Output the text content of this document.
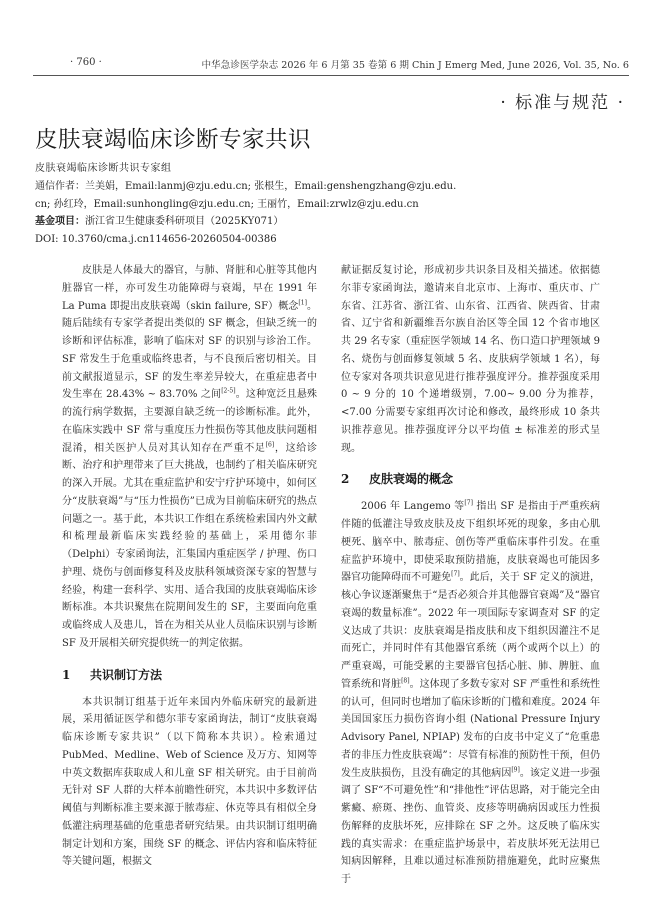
· 760 ·	中华急诊医学杂志 2026 年 6 月第 35 卷第 6 期 Chin J Emerg Med, June 2026, Vol. 35, No. 6
· 标准与规范 ·
皮肤衰竭临床诊断专家共识
皮肤衰竭临床诊断共识专家组
通信作者：兰美娟，Email:lanmj@zju.edu.cn; 张根生，Email:genshengzhang@zju.edu.
cn; 孙红玲，Email:sunhongling@zju.edu.cn; 王丽竹，Email:zrwlz@zju.edu.cn
基金项目：浙江省卫生健康委科研项目（2025KY071）
DOI: 10.3760/cma.j.cn114656-20260504-00386

皮肤是人体最大的器官，与肺、肾脏和心脏等其他内脏器官一样，亦可发生功能障碍与衰竭，早在 1991 年 La Puma 即提出皮肤衰竭（skin failure, SF）概念[1]。随后陆续有专家学者提出类似的 SF 概念，但缺乏统一的诊断和评估标准，影响了临床对 SF 的识别与诊治工作。SF 常发生于危重或临终患者，与不良预后密切相关。目前文献报道显示，SF 的发生率差异较大，在重症患者中发生率在 28.43% ~ 83.70% 之间[2-5]。这种宽泛且悬殊的流行病学数据，主要源自缺乏统一的诊断标准。此外，在临床实践中 SF 常与重度压力性损伤等其他皮肤问题相混淆，相关医护人员对其认知存在严重不足[6]，这给诊断、治疗和护理带来了巨大挑战，也制约了相关临床研究的深入开展。尤其在重症监护和安宁疗护环境中，如何区分“皮肤衰竭”与“压力性损伤”已成为目前临床研究的热点问题之一。基于此，本共识工作组在系统检索国内外文献和梳理最新临床实践经验的基础上，采用德尔菲（Delphi）专家函询法，汇集国内重症医学 / 护理、伤口护理、烧伤与创面修复科及皮肤科领域资深专家的智慧与经验，构建一套科学、实用、适合我国的皮肤衰竭临床诊断标准。本共识聚焦在院期间发生的 SF，主要面向危重或临终成人及患儿，旨在为相关从业人员临床识别与诊断 SF 及开展相关研究提供统一的判定依据。

1 共识制订方法

本共识制订组基于近年来国内外临床研究的最新进展，采用循证医学和德尔菲专家函询法，制订“皮肤衰竭临床诊断专家共识”（以下简称本共识）。检索通过 PubMed、Medline、Web of Science 及万方、知网等中英文数据库获取成人和儿童 SF 相关研究。由于目前尚无针对 SF 人群的大样本前瞻性研究，本共识中多数评估阈值与判断标准主要来源于脓毒症、休克等具有相似全身低灌注病理基础的危重患者研究结果。由共识制订组明确制定计划和方案，围绕 SF 的概念、评估内容和临床特征等关键问题，根据文

献证据反复讨论，形成初步共识条目及相关描述。依据德尔菲专家函询法，邀请来自北京市、上海市、重庆市、广东省、江苏省、浙江省、山东省、江西省、陕西省、甘肃省、辽宁省和新疆维吾尔族自治区等全国 12 个省市地区共 29 名专家（重症医学领域 14 名、伤口造口护理领域 9 名、烧伤与创面修复领域 5 名、皮肤病学领域 1 名），每位专家对各项共识意见进行推荐强度评分。推荐强度采用 0 ~ 9 分的 10 个递增级别，7.00~ 9.00 分为推荐，<7.00 分需要专家组再次讨论和修改，最终形成 10 条共识推荐意见。推荐强度评分以平均值 ± 标准差的形式呈现。

2 皮肤衰竭的概念

2006 年 Langemo 等[7] 指出 SF 是指由于严重疾病伴随的低灌注导致皮肤及皮下组织坏死的现象，多由心肌梗死、脑卒中、脓毒症、创伤等严重临床事件引发。在重症监护环境中，即使采取预防措施，皮肤衰竭也可能因多器官功能障碍而不可避免[7]。此后，关于 SF 定义的演进，核心争议逐渐聚焦于“是否必须合并其他器官衰竭”及“器官衰竭的数量标准”。2022 年一项国际专家调查对 SF 的定义达成了共识：皮肤衰竭是指皮肤和皮下组织因灌注不足而死亡，并同时伴有其他器官系统（两个或两个以上）的严重衰竭，可能受累的主要器官包括心脏、肺、脾脏、血管系统和肾脏[8]。这体现了多数专家对 SF 严重性和系统性的认可，但同时也增加了临床诊断的门槛和难度。2024 年美国国家压力损伤咨询小组 (National Pressure Injury Advisory Panel, NPIAP) 发布的白皮书中定义了“危重患者的非压力性皮肤衰竭”：尽管有标准的预防性干预，但仍发生皮肤损伤，且没有确定的其他病因[9]。该定义进一步强调了 SF“不可避免性”和“排他性”评估思路，对于能完全由紫癜、瘀斑、挫伤、血管炎、皮疹等明确病因或压力性损伤解释的皮肤坏死，应排除在 SF 之外。这反映了临床实践的真实需求：在重症监护场景中，若皮肤坏死无法用已知病因解释，且难以通过标准预防措施避免，此时应聚焦于
